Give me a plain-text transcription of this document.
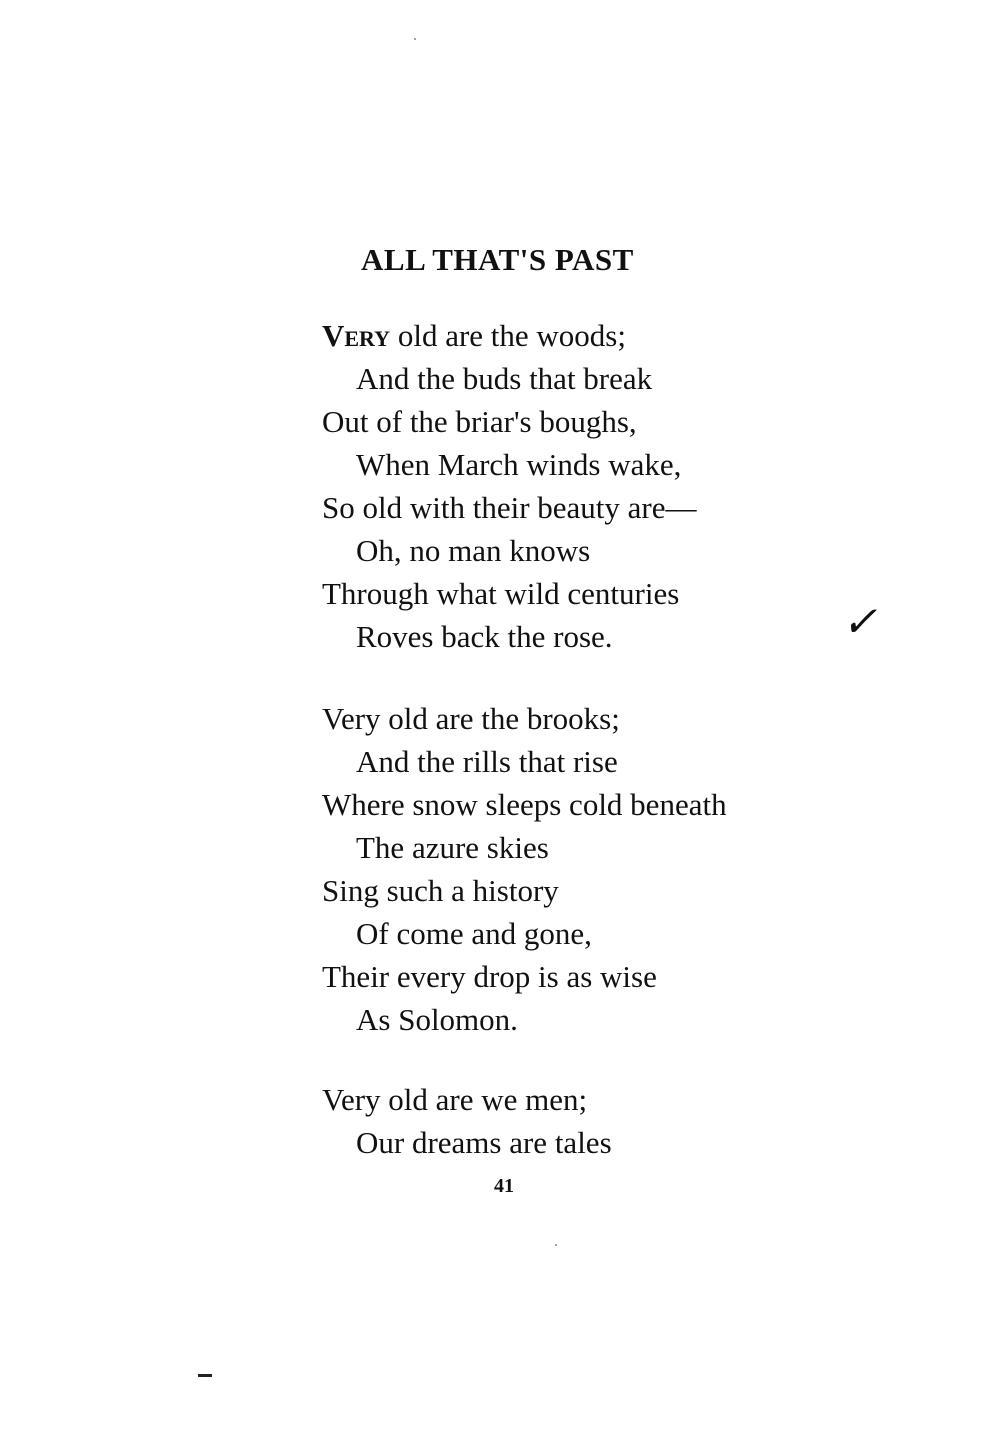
ALL THAT'S PAST
Very old are the woods;
And the buds that break
Out of the briar's boughs,
When March winds wake,
So old with their beauty are—
Oh, no man knows
Through what wild centuries
Roves back the rose.	✓
Very old are the brooks;
And the rills that rise
Where snow sleeps cold beneath
The azure skies
Sing such a history
Of come and gone,
Their every drop is as wise
As Solomon.
Very old are we men;
Our dreams are tales
41
